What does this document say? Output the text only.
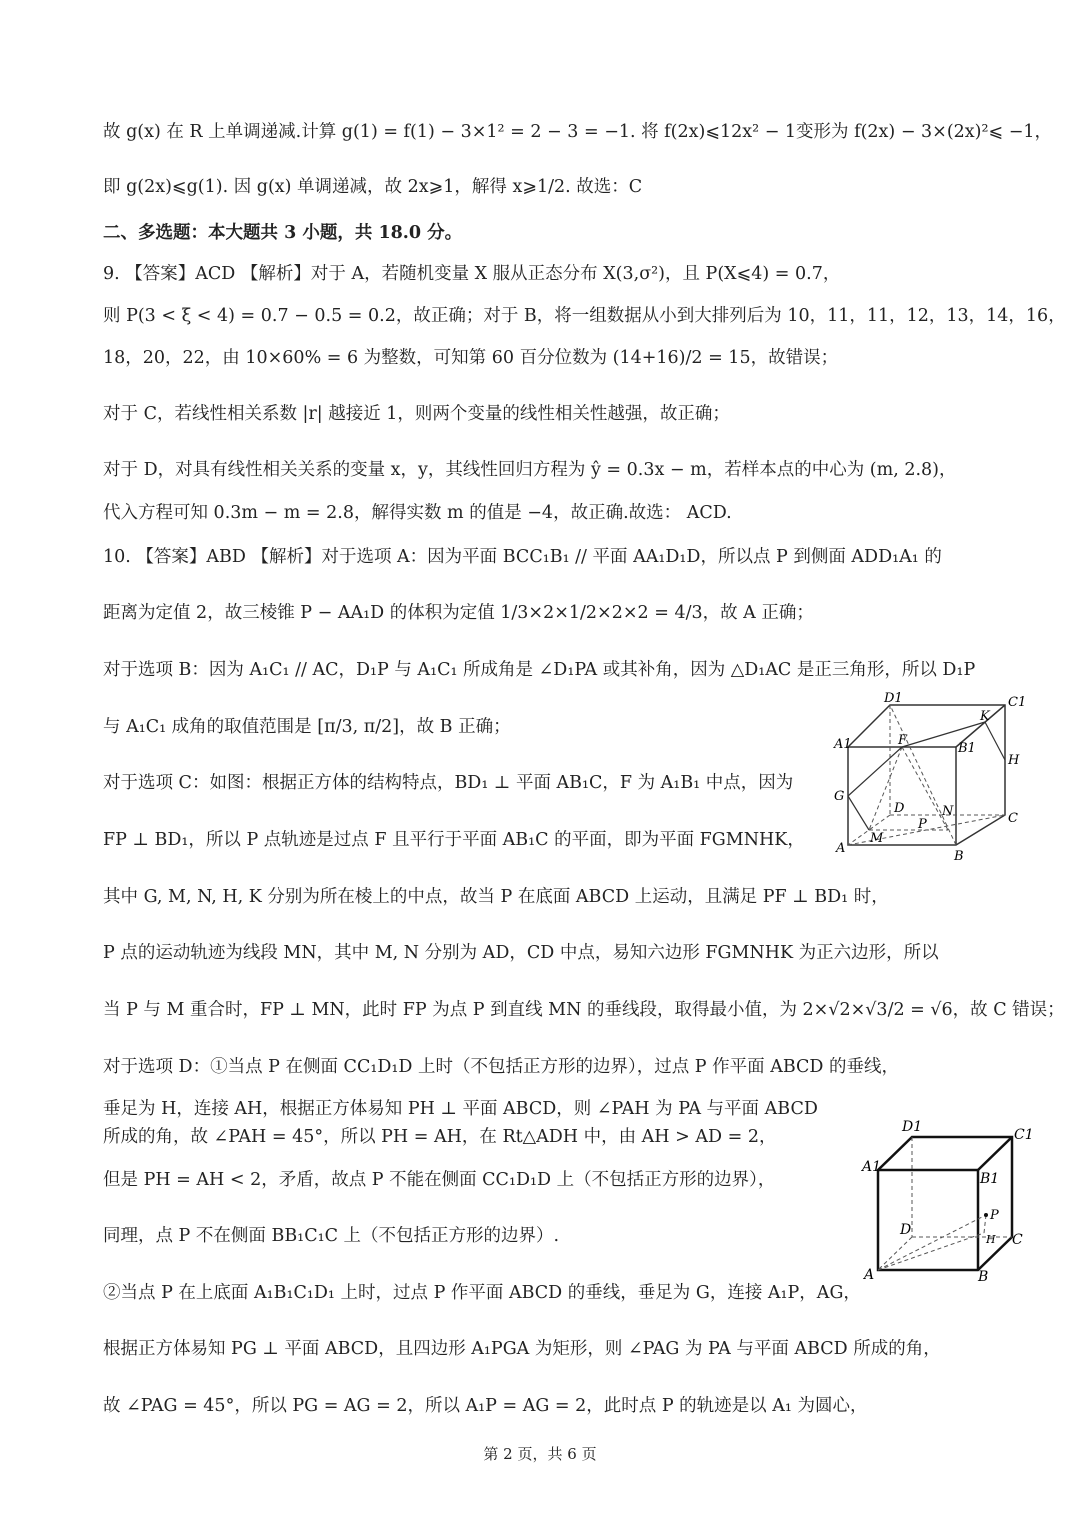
故 g(x) 在 R 上单调递减.计算 g(1) = f(1) − 3×1² = 2 − 3 = −1. 将 f(2x)⩽12x² − 1变形为 f(2x) − 3×(2x)²⩽ −1，
即 g(2x)⩽g(1). 因 g(x) 单调递减，故 2x⩾1，解得 x⩾1/2. 故选：C
二、多选题：本大题共 3 小题，共 18.0 分。
9. 【答案】ACD 【解析】对于 A，若随机变量 X 服从正态分布 X(3,σ²)，且 P(X⩽4) = 0.7，
则 P(3 < ξ < 4) = 0.7 − 0.5 = 0.2，故正确；对于 B，将一组数据从小到大排列后为 10，11，11，12，13，14，16，
18，20，22，由 10×60% = 6 为整数，可知第 60 百分位数为 (14+16)/2 = 15，故错误；
对于 C，若线性相关系数 |r| 越接近 1，则两个变量的线性相关性越强，故正确；
对于 D，对具有线性相关关系的变量 x，y，其线性回归方程为 ŷ = 0.3x − m，若样本点的中心为 (m, 2.8)，
代入方程可知 0.3m − m = 2.8，解得实数 m 的值是 −4，故正确.故选： ACD.
10. 【答案】ABD 【解析】对于选项 A：因为平面 BCC₁B₁ // 平面 AA₁D₁D，所以点 P 到侧面 ADD₁A₁ 的
距离为定值 2，故三棱锥 P − AA₁D 的体积为定值 1/3×2×1/2×2×2 = 4/3，故 A 正确；
对于选项 B：因为 A₁C₁ // AC，D₁P 与 A₁C₁ 所成角是 ∠D₁PA 或其补角，因为 △D₁AC 是正三角形，所以 D₁P
与 A₁C₁ 成角的取值范围是 [π/3, π/2]，故 B 正确；
对于选项 C：如图：根据正方体的结构特点，BD₁ ⊥ 平面 AB₁C，F 为 A₁B₁ 中点，因为
FP ⊥ BD₁，所以 P 点轨迹是过点 F 且平行于平面 AB₁C 的平面，即为平面 FGMNHK，
其中 G, M, N, H, K 分别为所在棱上的中点，故当 P 在底面 ABCD 上运动，且满足 PF ⊥ BD₁ 时，
P 点的运动轨迹为线段 MN，其中 M, N 分别为 AD，CD 中点，易知六边形 FGMNHK 为正六边形，所以
当 P 与 M 重合时，FP ⊥ MN，此时 FP 为点 P 到直线 MN 的垂线段，取得最小值，为 2×√2×√3/2 = √6，故 C 错误；
对于选项 D：①当点 P 在侧面 CC₁D₁D 上时（不包括正方形的边界），过点 P 作平面 ABCD 的垂线，
垂足为 H，连接 AH，根据正方体易知 PH ⊥ 平面 ABCD，则 ∠PAH 为 PA 与平面 ABCD
所成的角，故 ∠PAH = 45°，所以 PH = AH，在 Rt△ADH 中，由 AH > AD = 2，
但是 PH = AH < 2，矛盾，故点 P 不能在侧面 CC₁D₁D 上（不包括正方形的边界），
同理，点 P 不在侧面 BB₁C₁C 上（不包括正方形的边界）.
②当点 P 在上底面 A₁B₁C₁D₁ 上时，过点 P 作平面 ABCD 的垂线，垂足为 G，连接 A₁P，AG，
根据正方体易知 PG ⊥ 平面 ABCD，且四边形 A₁PGA 为矩形，则 ∠PAG 为 PA 与平面 ABCD 所成的角，
故 ∠PAG = 45°，所以 PG = AG = 2，所以 A₁P = AG = 2，此时点 P 的轨迹是以 A₁ 为圆心，
D1	C1
A1	B1
K
F
H
G
D	N
P
M
C
A
B
D1	C1
A1
B1
D
P
H C
A	B
第 2 页，共 6 页
